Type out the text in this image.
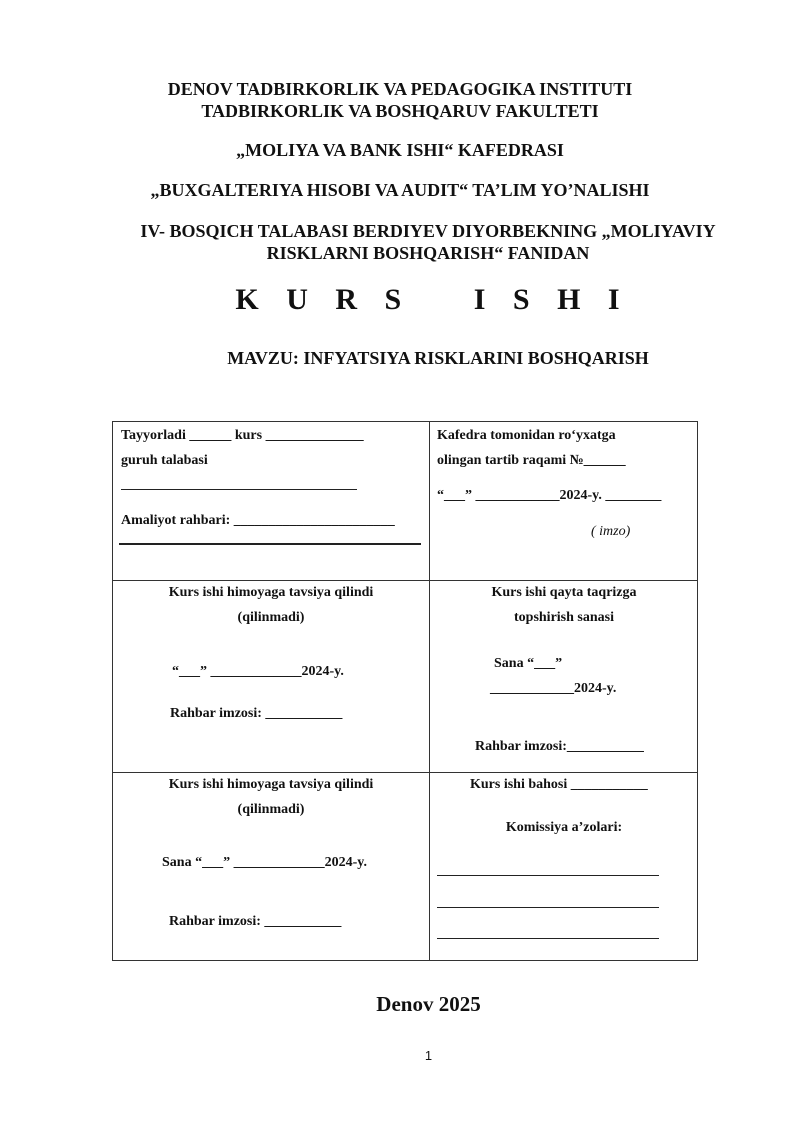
DENOV TADBIRKORLIK VA PEDAGOGIKA INSTITUTI
TADBIRKORLIK VA BOSHQARUV FAKULTETI
„MOLIYA VA BANK ISHI“ KAFEDRASI
„BUXGALTERIYA HISOBI VA AUDIT“ TA’LIM YO’NALISHI
IV- BOSQICH TALABASI BERDIYEV DIYORBEKNING „MOLIYAVIY
RISKLARNI BOSHQARISH“ FANIDAN
K U R S   I S H I
MAVZU: INFYATSIYA RISKLARINI BOSHQARISH
Tayyorladi ______ kurs ______________
guruh talabasi
Amaliyot rahbari: _______________________
Kafedra tomonidan ro‘yxatga
olingan tartib raqami №______
“___” ____________2024-y. ________
( imzo)
Kurs ishi himoyaga tavsiya qilindi
(qilinmadi)
“___” _____________2024-y.
Rahbar imzosi: ___________
Kurs ishi qayta taqrizga
topshirish sanasi
Sana “___”
____________2024-y.
Rahbar imzosi:___________
Kurs ishi himoyaga tavsiya qilindi
(qilinmadi)
Sana “___” _____________2024-y.
Rahbar imzosi: ___________
Kurs ishi bahosi ___________
Komissiya a’zolari:
Denov 2025
1
